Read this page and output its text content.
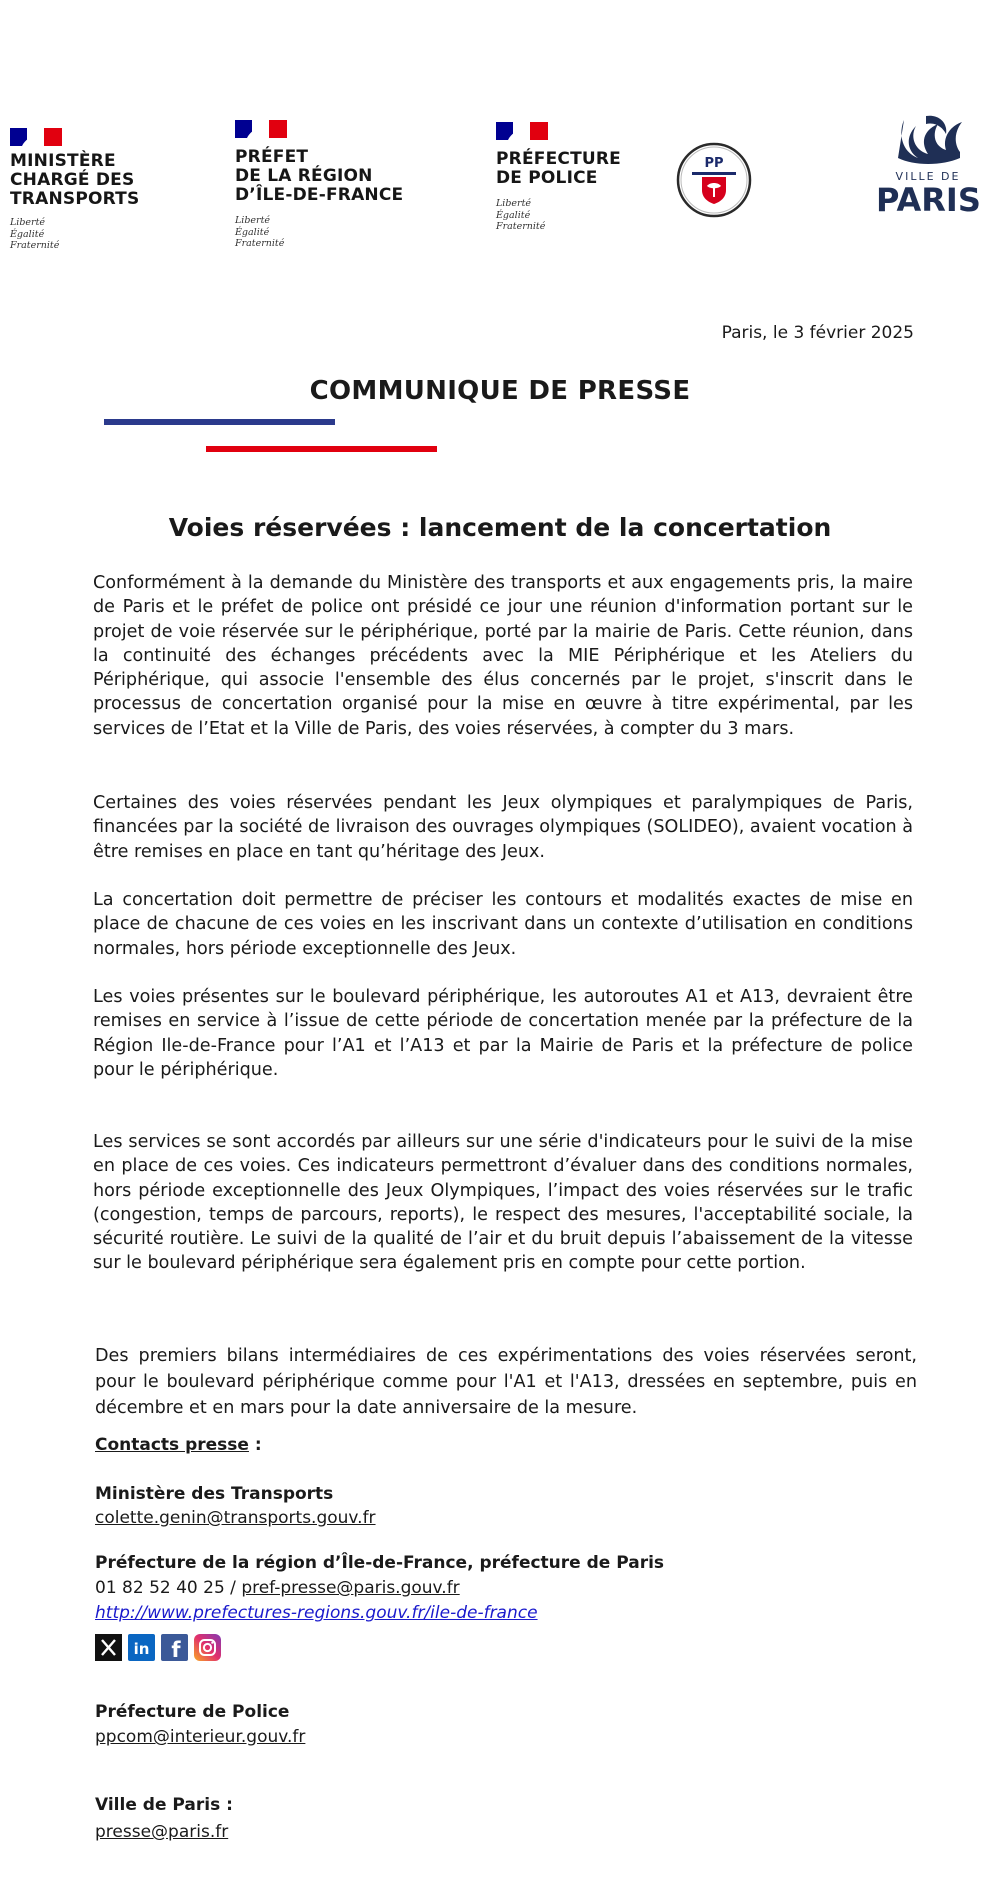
MINISTÈRE
CHARGÉ DES
TRANSPORTS
Liberté
Égalité
Fraternité
PRÉFET
DE LA RÉGION
D’ÎLE-DE-FRANCE
Liberté
Égalité
Fraternité
PRÉFECTURE
DE POLICE
Liberté
Égalité
Fraternité
PP
VILLE DE
PARIS
Paris, le 3 février 2025
COMMUNIQUE DE PRESSE
Voies réservées : lancement de la concertation

Conformément à la demande du Ministère des transports et aux engagements pris, la maire de Paris et le préfet de police ont présidé ce jour une réunion d'information portant sur le projet de voie réservée sur le périphérique, porté par la mairie de Paris. Cette réunion, dans la continuité des échanges précédents avec la MIE Périphérique et les Ateliers du Périphérique, qui associe l'ensemble des élus concernés par le projet, s'inscrit dans le processus de concertation organisé pour la mise en œuvre à titre expérimental, par les services de l’Etat et la Ville de Paris, des voies réservées, à compter du 3 mars.

Certaines des voies réservées pendant les Jeux olympiques et paralympiques de Paris, financées par la société de livraison des ouvrages olympiques (SOLIDEO), avaient vocation à être remises en place en tant qu’héritage des Jeux.

La concertation doit permettre de préciser les contours et modalités exactes de mise en place de chacune de ces voies en les inscrivant dans un contexte d’utilisation en conditions normales, hors période exceptionnelle des Jeux.

Les voies présentes sur le boulevard périphérique, les autoroutes A1 et A13, devraient être remises en service à l’issue de cette période de concertation menée par la préfecture de la Région Ile-de-France pour l’A1 et l’A13 et par la Mairie de Paris et la préfecture de police pour le périphérique.

Les services se sont accordés par ailleurs sur une série d'indicateurs pour le suivi de la mise en place de ces voies. Ces indicateurs permettront d’évaluer dans des conditions normales, hors période exceptionnelle des Jeux Olympiques, l’impact des voies réservées sur le trafic (congestion, temps de parcours, reports), le respect des mesures, l'acceptabilité sociale, la sécurité routière. Le suivi de la qualité de l’air et du bruit depuis l’abaissement de la vitesse sur le boulevard périphérique sera également pris en compte pour cette portion.

Des premiers bilans intermédiaires de ces expérimentations des voies réservées seront, pour le boulevard périphérique comme pour l'A1 et l'A13, dressées en septembre, puis en décembre et en mars pour la date anniversaire de la mesure.

Contacts presse :
Ministère des Transports
colette.genin@transports.gouv.fr
Préfecture de la région d’Île-de-France, préfecture de Paris
01 82 52 40 25 / pref-presse@paris.gouv.fr
http://www.prefectures-regions.gouv.fr/ile-de-france
in f
Préfecture de Police
ppcom@interieur.gouv.fr
Ville de Paris :
presse@paris.fr
